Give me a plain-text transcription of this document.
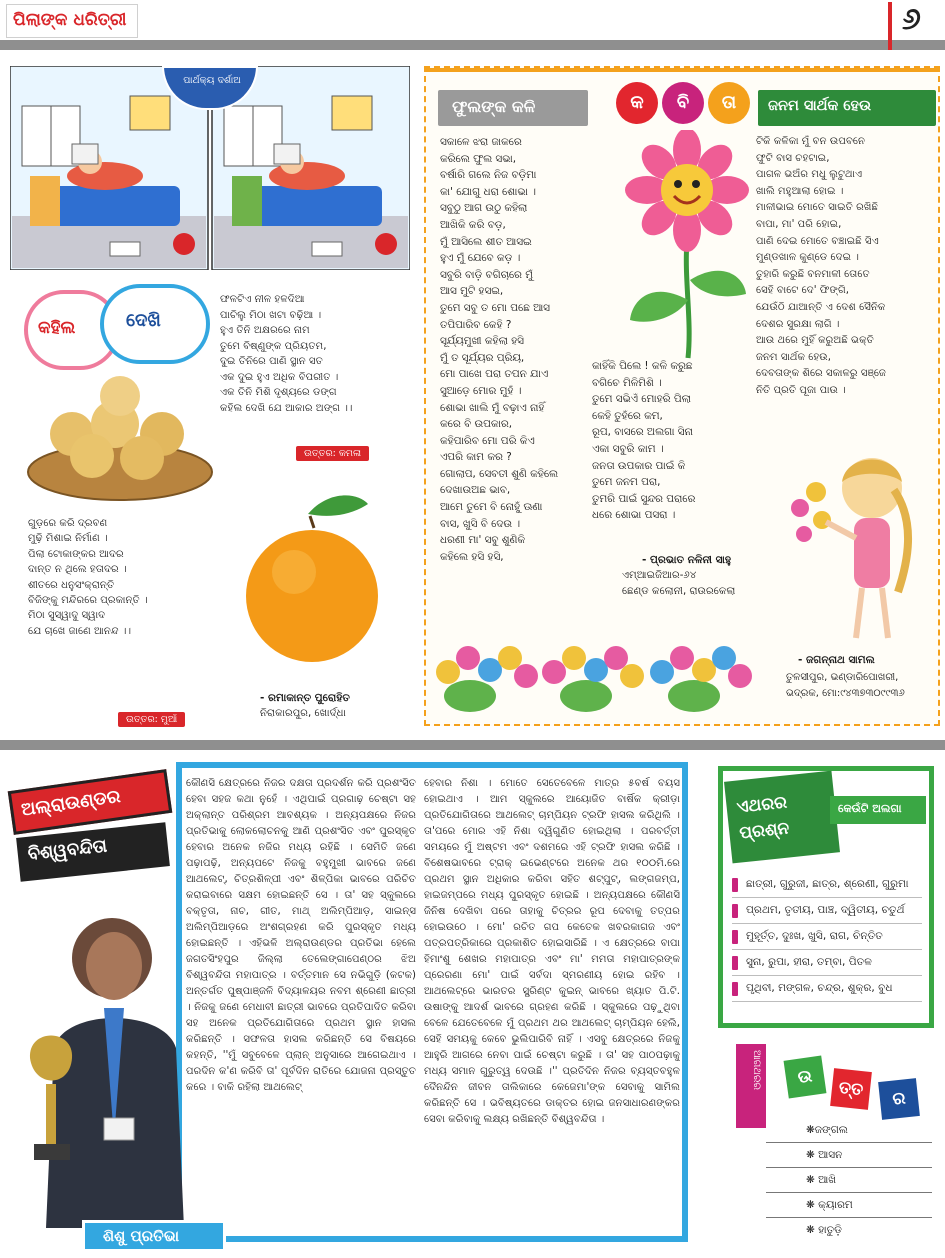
ପିଲାଙ୍କ ଧରିତ୍ରୀ	୬
ପାର୍ଥକ୍ୟ ଦର୍ଶାଅ
କହିଲ	ଦେଖି
ଫଳଟିଏ ନୀଳ ହଳଦିଆ
ପାଚିଲୁ ମିଠା ଖଟା ବଢ଼ିଆ ।
ହୁଏ ତିନି ଅକ୍ଷରରେ ନାମ
ତୁମେ ବିଷ୍ଣୁଙ୍କ ପ୍ରିୟତମ,
ଦୁଇ ତିନିରେ ପାଣି ସ୍ଥାନ ସତ
ଏକ ଦୁଇ ହୁଏ ଅଧିକ ବିପରୀତ ।
ଏକ ତିନି ମିଶି ଦୃଶ୍ୟରେ ଡଙ୍ଗ
କହିଲ ଦେଖି ଯେ ଆକାର ଅଙ୍ଗ ।।
ଉତ୍ତର: କମଳା
ଗୁଡ଼ରେ କରି ଦ୍ରବଣ
ମୁଢ଼ି ମିଶାଇ ନିର୍ମାଣ ।
ପିଲା ଟୋକାଙ୍କର ଆଦର
ଦାନ୍ତ ନ ଥିଲେ ହତାଦର ।
ଶୀତରେ ଧନୁସଂକ୍ରାନ୍ତି
ବିଜିଙ୍କୁ ମନ୍ଦିରରେ ପ୍ରକାନ୍ତି ।
ମିଠା ସୁସ୍ୱାଦୁ ସ୍ୱାଦ
ଯେ ଚାଖେ ଜାଣେ ଆନନ୍ଦ ।।
ଉତ୍ତର: ମୁଆଁ
- ରମାକାନ୍ତ ପୁରୋହିତ
ନିରାକାରପୁର, ଖୋର୍ଦ୍ଧା
ଫୁଲଙ୍କ କଳି	କ	ବି	ତା	ଜନମ ସାର୍ଥକ ହେଉ
ସକାଳେ ଝରା ଜାକରେ
କରିଲେ ଫୁଲ ସଭା,
ବର୍ଷାରି ଗଲେ ନିଜ ବଡ଼ିମା
କା' ଯୋଗୁ ଧରା ଶୋଭା ।
ସବୁଠୁ ଆଗ ଉଠୁ କହିଲା
ଆଖିକି କରି ବଡ଼,
ମୁଁ ଆସିଲେ ଶୀତ ଆସଇ
ହୁଏ ମୁଁ ଯେବେ କଡ଼ ।
ସବୁରି ବାଡ଼ି ବଗିଚାରେ ମୁଁ
ଆସ ମୁଟି ହସଇ,
ତୁମେ ସବୁ ତ ମୋ ପଛେ ଆସ
ତପିପାରିବ କେହି ?
ସୂର୍ଯ୍ୟମୁଖୀ କହିଲା ହସି
ମୁଁ ତ ସୂର୍ଯ୍ୟର ପ୍ରିୟ,
ମୋ ପାଖେ ପରା ତପନ ଯାଏ
ସୁଆଡ଼େ ମୋର ମୁହଁ ।
ଶୋଭା ଖାଲି ମୁଁ ବଢ଼ାଏ ନାହିଁ
କରେ ବି ଉପକାର,
କହିପାରିବ ମୋ ପରି କିଏ
ଏପରି କାମ କର ?
ଗୋଲାପ, ସେବତୀ ଶୁଣି କହିଲେ
ଦେଖାଉଅଛ ଭାବ,
ଆମେ ତୁମେ ବି ନୋହୁଁ ଊଣା
ବାସ, ଖୁସି ବି ଦେଉ ।
ଧରଣୀ ମା' ସବୁ ଶୁଣିକି
କହିଲେ ହସି ହସି,
କାହିଁକି ପିଲେ ! କଳି କରୁଛ
ବଗିଚେ ମିଳିମିଶି ।
ତୁମେ ସଭିଏଁ ମୋହରି ପିଲା
କେହି ତୁହଁରେ କମ,
ରୂପ, ବାସରେ ଅଲଗା ସିନା
ଏକା ସବୁରି କାମ ।
ଜନତା ଉପକାର ପାଇଁ କି
ତୁମେ ଜନମ ପରା,
ତୁମରି ପାଇଁ ସୁନ୍ଦର ପରାରେ
ଧରେ ଶୋଭା ପସରା ।
- ପ୍ରଭାତ ନଳିନୀ ସାହୁ
ଏମ୍ଆଇଜିଆର-୬୪
ଛେଣ୍ଡ କଲୋନୀ, ରାଉରକେଲା
ଟିକି କଳିକା ମୁଁ ବନ ଉପବନେ
ଫୁଟି ବାସ ଚହଟାଇ,
ପାଗଳ ଭଅଁର ମଧୁ ଲୁଟୁଥାଏ
ଖାଲି ମହୁଆଲା ହୋଇ ।
ମାଳୀଭାଇ ମୋତେ ସାଇତି ରଖିଛି
ବାପା, ମା' ପରି ହୋଇ,
ପାଣି ଦେଇ ମୋତେ ବଞ୍ଚାଇଛି ସିଏ
ମୁଣ୍ଡଖାଳ କୁଣ୍ଡେ ଦେଇ ।
ତୁହାରି କରୁଛି ବନମାଳୀ ତୋତେ
ସେହି ବାଟେ ଦେ' ଫିଙ୍ଗି,
ଯେଉଁଠି ଯାଆନ୍ତି ଏ ଦେଶ ସୈନିକ
ଦେଶର ସୁରକ୍ଷା ଲାଗି ।
ଆଉ ଥରେ ମୁହିଁ କରୁଅଛି ଭକ୍ତି
ଜନମ ସାର୍ଥକ ହେଉ,
ଦେବତାଙ୍କ ଶିରେ ସକାଳରୁ ସଞ୍ଜେ
ନିତି ପ୍ରତି ପୂଜା ପାଉ ।
- ଜଗନ୍ନାଥ ସାମଲ
ତୁଳସୀପୁର, ଭଣ୍ଡାରିପୋଖରୀ,
ଭଦ୍ରକ, ମୋ:୯୪୩୭୩୦୯୯୩୬
ଅଲ୍‌ରାଉଣ୍ଡର
ବିଶ୍ୱବନ୍ଦିତା
ଶିଶୁ ପ୍ରତିଭା
କୌଣସି କ୍ଷେତ୍ରରେ ନିଜର ଦକ୍ଷତା ପ୍ରଦର୍ଶନ କରି ପ୍ରଶଂସିତ ହେବା ସହଜ କଥା ନୁହେଁ । ଏଥିପାଇଁ ପ୍ରଗାଢ଼ ଚେଷ୍ଟା ସହ ଅକ୍ଲାନ୍ତ ପରିଶ୍ରମ ଆବଶ୍ୟକ । ଅନ୍ୟପକ୍ଷରେ ନିଜର ପ୍ରତିଭାକୁ ଲୋକଲୋଚନକୁ ଆଣି ପ୍ରଶଂସିତ ଏବଂ ପୁରସ୍କୃତ ହେବାର ଅନେକ ନଜିର ମଧ୍ୟ ରହିଛି । ସେମିତି ଜଣେ ପଢ଼ାପଢ଼ି, ଅନ୍ୟପଟେ ନିଜକୁ ବହୁମୁଖୀ ଭାବରେ ଜଣେ ଆଥଲେଟ୍, ଚିତ୍ରଶିଳ୍ପୀ ଏବଂ ଶିଳ୍ପିକା ଭାବରେ ପରିଚିତ କରାଇବାରେ ସକ୍ଷମ ହୋଇଛନ୍ତି ସେ । ତା' ସହ ସ୍କୁଲରେ ବକ୍ତୃତା, ନାଚ, ଗୀତ, ମାଥ୍ ଅଲିମ୍ପିଆଡ଼, ସାଇନ୍ସ ଅଲିମ୍ପିଆଡ଼ରେ ଅଂଶଗ୍ରହଣ କରି ପୁରସ୍କୃତ ମଧ୍ୟ ହୋଇଛନ୍ତି । ଏହିଭଳି ଅଲ୍‌ରାଉଣ୍ଡର ପ୍ରତିଭା ହେଲେ ଜଗତସିଂହପୁର ଜିଲ୍ଲା ତେଲେଙ୍ଗାପେଣ୍ଠର ଝିଅ ବିଶ୍ୱବନ୍ଦିତା ମହାପାତ୍ର । ବର୍ତ୍ତମାନ ସେ ନଭିଗୁଡ଼ି (କଟକ) ଅନ୍ତର୍ଗତ ପୁଷ୍ପାଞ୍ଜଳି ବିଦ୍ୟାଳୟର ନବମ ଶ୍ରେଣୀ ଛାତ୍ରୀ । ନିଜକୁ ଜଣେ ମେଧାବୀ ଛାତ୍ରୀ ଭାବରେ ପ୍ରତିପାଦିତ କରିବା ସହ ଅନେକ ପ୍ରତିଯୋଗିତାରେ ପ୍ରଥମ ସ୍ଥାନ ହାସଲ କରିଛନ୍ତି । ସଫଳତା ହାସଲ କରିଛନ୍ତି ସେ ବିଷୟରେ କହନ୍ତି, ''ମୁଁ ସବୁବେଳେ ପ୍ଲାନ୍ ଅନୁସାରେ ଆଗେଇଥାଏ । ପରଦିନ କ'ଣ କରିବି ତା' ପୂର୍ବଦିନ ରାତିରେ ଯୋଜନା ପ୍ରସ୍ତୁତ କରେ । ବାକି ରହିଲା ଆଥଲେଟ୍
ହେବାର ନିଶା । ମୋତେ ସେତେବେଳେ ମାତ୍ର ୫ବର୍ଷ ବୟସ ହୋଇଥାଏ । ଆମ ସ୍କୁଲରେ ଆୟୋଜିତ ବାର୍ଷିକ କ୍ରୀଡ଼ା ପ୍ରତିଯୋଗିତାରେ ଆଥଲେଟ୍ ଚାମ୍ପିୟନ ଟ୍ରଫି ହାସଲ କରିଥିଲି । ତା'ପରେ ମୋର ଏହି ନିଶା ଦ୍ୱିଗୁଣିତ ହୋଇଥିଲା । ପରବର୍ତ୍ତୀ ସମୟରେ ମୁଁ ଅଷ୍ଟମ ଏବଂ ଦଶମରେ ଏହି ଟ୍ରଫି ହାସଲ କରିଛି । ବିଶେଷଭାବରେ ଟ୍ରାକ୍ ଇଭେଣ୍ଟରେ ଅନେକ ଥର ୧୦୦ମି.ରେ ପ୍ରଥମ ସ୍ଥାନ ଅଧିକାର କରିବା ସହିତ ଶଟ୍‌ପୁଟ୍, ଲଙ୍ଗଜମ୍ପ, ହାଇଜମ୍ପରେ ମଧ୍ୟ ପୁରସ୍କୃତ ହୋଇଛି । ଅନ୍ୟପକ୍ଷରେ କୌଣସି ଜିନିଷ ଦେଖିବା ପରେ ତାହାକୁ ଚିତ୍ରର ରୂପ ଦେବାକୁ ତତ୍ପର ହୋଇଉଠେ । ମୋ' ରଚିତ ଗପ କେତେକ ଖବରକାଗଜ ଏବଂ ପତ୍ରପତ୍ରିକାରେ ପ୍ରକାଶିତ ହୋଇସାରିଛି । ଏ କ୍ଷେତ୍ରରେ ବାପା ହିମାଂଶୁ ଶେଖର ମହାପାତ୍ର ଏବଂ ମା' ମମତା ମହାପାତ୍ରଙ୍କ ପ୍ରେରଣା ମୋ' ପାଇଁ ସର୍ବଦା ସ୍ମରଣୀୟ ହୋଇ ରହିବ । ଆଥଲେଟ୍‌ରେ ଭାରତର ସ୍ପ୍ରିଣ୍ଟ କୁଇନ୍ ଭାବରେ ଖ୍ୟାତ ପି.ଟି. ଉଷାଙ୍କୁ ଆଦର୍ଶ ଭାବରେ ଗ୍ରହଣ କରିଛି । ସ୍କୁଲରେ ପଢ଼ୁଥିବା ବେଳେ ଯେତେବେଳେ ମୁଁ ପ୍ରଥମ ଥର ଆଥଲେଟ୍ ଚାମ୍ପିୟନ ହେଲି, ସେହି ସମୟକୁ କେବେ ଭୁଲିପାରିବି ନାହିଁ । ଏସବୁ କ୍ଷେତ୍ରରେ ନିଜକୁ ଆହୁରି ଆଗରେ ନେବା ପାଇଁ ଚେଷ୍ଟା କରୁଛି । ତା' ସହ ପାଠପଢ଼ାକୁ ମଧ୍ୟ ସମାନ ଗୁରୁତ୍ୱ ଦେଉଛି ।'' ପ୍ରତିଦିନ ନିଜର ବ୍ୟସ୍ତବହୁଳ ଦୈନନ୍ଦିନ ଜୀବନ ତାଲିକାରେ କେଜେମା'ଙ୍କ ସେବାକୁ ସାମିଲ କରିଛନ୍ତି ସେ । ଭବିଷ୍ୟତରେ ଡାକ୍ତର ହୋଇ ଜନସାଧାରଣଙ୍କର ସେବା କରିବାକୁ ଲକ୍ଷ୍ୟ ରଖିଛନ୍ତି ବିଶ୍ୱବନ୍ଦିତା ।
ଏଥରର ପ୍ରଶ୍ନ
କେଉଁଟି ଅଲଗା
ଛାତ୍ରୀ, ଗୁରୁଜୀ, ଛାତ୍ର, ଶ୍ରେଣୀ, ଗୁରୁମା
ପ୍ରଥମ, ତୃତୀୟ, ପାଞ୍ଚ, ଦ୍ୱିତୀୟ, ଚତୁର୍ଥ
ମୁହୂର୍ତ୍ତ, ଦୁଃଖ, ଖୁସି, ରାଗ, ଚିନ୍ତିତ
ସୁନା, ରୁପା, ହୀରା, ତମ୍ବା, ପିତଳ
ପୃଥିବୀ, ମଙ୍ଗଳ, ଚନ୍ଦ୍ର, ଶୁକ୍ର, ବୁଧ
ଆଗଥରର	ଉ
ତ୍ତ	ର
❋ଜଙ୍ଗଲ
❋ ଆସନ
❋ ଆଖି
❋ କ୍ୟାରମ
❋ ହାତୁଡ଼ି
